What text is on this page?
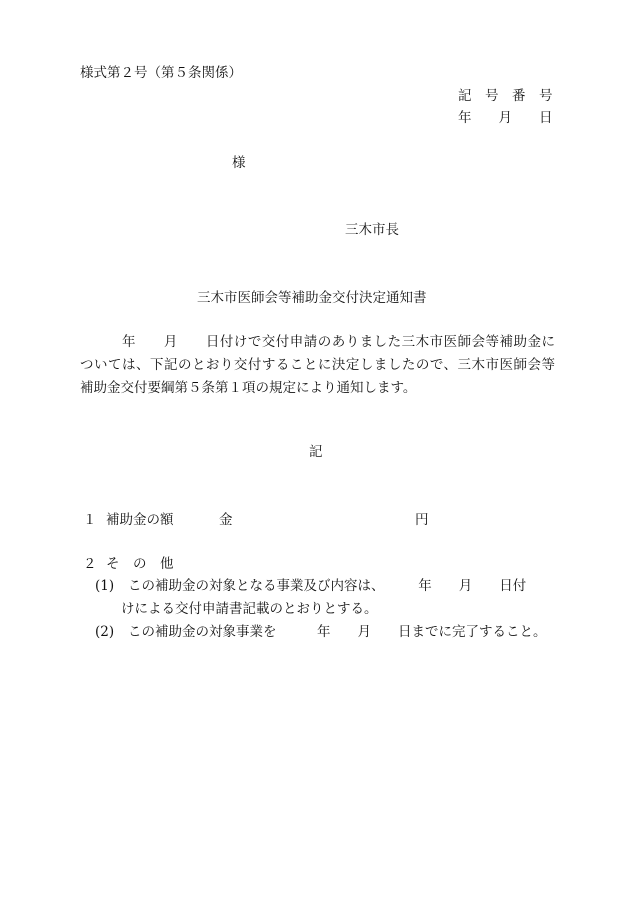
様式第２号（第５条関係）
記　号　番　号
年　　月　　日
様
三木市長
三木市医師会等補助金交付決定通知書
　　　年　　月　　日付けで交付申請のありました三木市医師会等補助金に
ついては、下記のとおり交付することに決定しましたので、三木市医師会等
補助金交付要綱第５条第１項の規定により通知します。
記
１ 補助金の額	金	円
２ そ　の　他
(1) この補助金の対象となる事業及び内容は、　　　年　　月　　日付
けによる交付申請書記載のとおりとする。
(2) この補助金の対象事業を　　　年　　月　　日までに完了すること。
